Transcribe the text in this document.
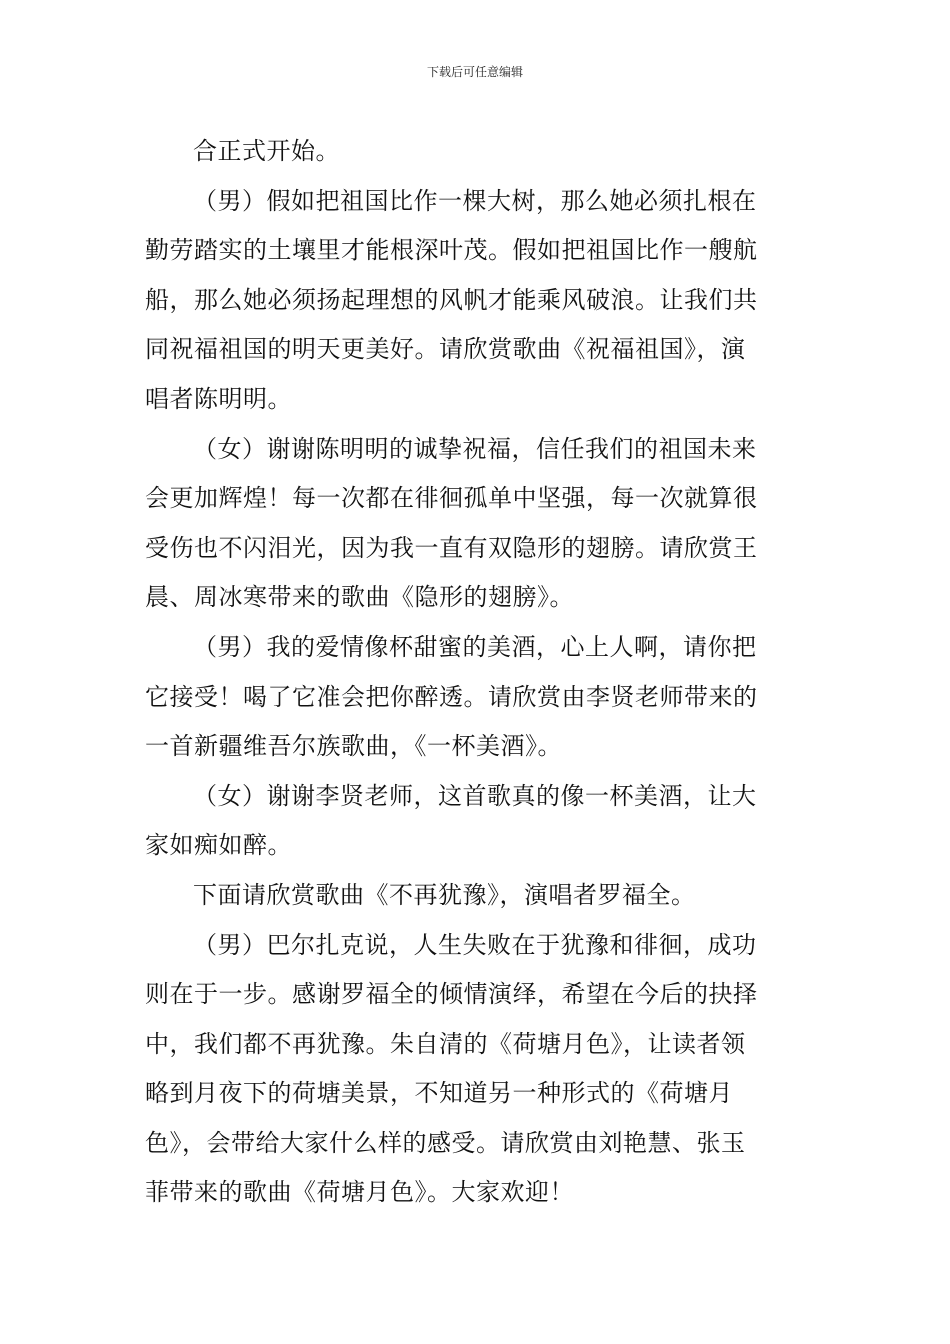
下载后可任意编辑

合正式开始。

（男）假如把祖国比作一棵大树，那么她必须扎根在
勤劳踏实的土壤里才能根深叶茂。假如把祖国比作一艘航
船，那么她必须扬起理想的风帆才能乘风破浪。让我们共
同祝福祖国的明天更美好。请欣赏歌曲《祝福祖国》，演
唱者陈明明。

（女）谢谢陈明明的诚挚祝福，信任我们的祖国未来
会更加辉煌！每一次都在徘徊孤单中坚强，每一次就算很
受伤也不闪泪光，因为我一直有双隐形的翅膀。请欣赏王
晨、周冰寒带来的歌曲《隐形的翅膀》。

（男）我的爱情像杯甜蜜的美酒，心上人啊，请你把
它接受！喝了它准会把你醉透。请欣赏由李贤老师带来的
一首新疆维吾尔族歌曲，《一杯美酒》。

（女）谢谢李贤老师，这首歌真的像一杯美酒，让大
家如痴如醉。

下面请欣赏歌曲《不再犹豫》，演唱者罗福全。

（男）巴尔扎克说，人生失败在于犹豫和徘徊，成功
则在于一步。感谢罗福全的倾情演绎，希望在今后的抉择
中，我们都不再犹豫。朱自清的《荷塘月色》，让读者领
略到月夜下的荷塘美景，不知道另一种形式的《荷塘月
色》，会带给大家什么样的感受。请欣赏由刘艳慧、张玉
菲带来的歌曲《荷塘月色》。大家欢迎！
